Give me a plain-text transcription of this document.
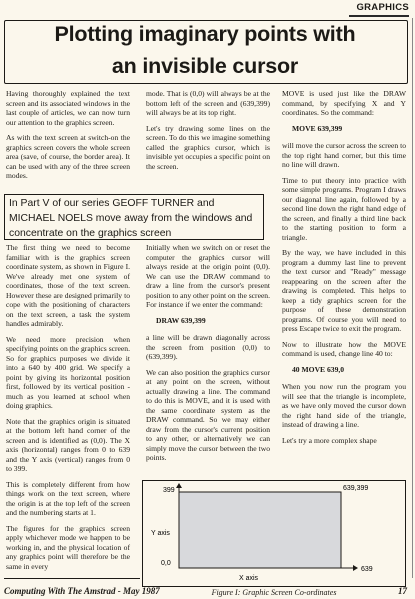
GRAPHICS
Plotting imaginary points with
an invisible cursor

Having thoroughly explained the text screen and its associated windows in the last couple of articles, we can now turn our attention to the graphics screen.

As with the text screen at switch-on the graphics screen covers the whole screen area (save, of course, the border area). It can be used with any of the three screen modes.

mode. That is (0,0) will always be at the bottom left of the screen and (639,399) will always be at its top right.

Let's try drawing some lines on the screen. To do this we imagine something called the graphics cursor, which is invisible yet occupies a specific point on the screen.

In Part V of our series GEOFF TURNER and MICHAEL NOELS move away from the windows and concentrate on the graphics screen

The first thing we need to become familiar with is the graphics screen coordinate system, as shown in Figure I. We've already met one system of coordinates, those of the text screen. However these are designed primarily to cope with the positioning of characters on the text screen, a task the system handles admirably.

We need more precision when specifying points on the graphics screen. So for graphics purposes we divide it into a 640 by 400 grid. We specify a point by giving its horizontal position first, followed by its vertical position - much as you learned at school when doing graphics.

Note that the graphics origin is situated at the bottom left hand corner of the screen and is identified as (0,0). The X axis (horizontal) ranges from 0 to 639 and the Y axis (vertical) ranges from 0 to 399.

This is completely different from how things work on the text screen, where the origin is at the top left of the screen and the numbering starts at 1.

The figures for the graphics screen apply whichever mode we happen to be working in, and the physical location of any graphics point will therefore be the same in every

Initially when we switch on or reset the computer the graphics cursor will always reside at the origin point (0,0). We can use the DRAW command to draw a line from the cursor's present position to any other point on the screen. For instance if we enter the command:

DRAW 639,399

a line will be drawn diagonally across the screen from position (0,0) to (639,399).

We can also position the graphics cursor at any point on the screen, without actually drawing a line. The command to do this is MOVE, and it is used with the same coordinate system as the DRAW command. So we may either draw from the cursor's current position to any other, or alternatively we can simply move the cursor between the two points.

MOVE is used just like the DRAW command, by specifying X and Y coordinates. So the command:

MOVE 639,399

will move the cursor across the screen to the top right hand corner, but this time no line will drawn.

Time to put theory into practice with some simple programs. Program I draws our diagonal line again, followed by a second line down the right hand edge of the screen, and finally a third line back to the starting position to form a triangle.

By the way, we have included in this program a dummy last line to prevent the text cursor and "Ready" message reappearing on the screen after the drawing is completed. This helps to keep a tidy graphics screen for the purpose of these demonstration programs. Of course you will need to press Escape twice to exit the program.

Now to illustrate how the MOVE command is used, change line 40 to:

40 MOVE 639,0

When you now run the program you will see that the triangle is incomplete, as we have only moved the cursor down the right hand side of the triangle, instead of drawing a line.

Let's try a more complex shape

399	639,399
Y axis
0,0
639
X axis
Figure I: Graphic Screen Co-ordinates
Computing With The Amstrad - May 1987	17
